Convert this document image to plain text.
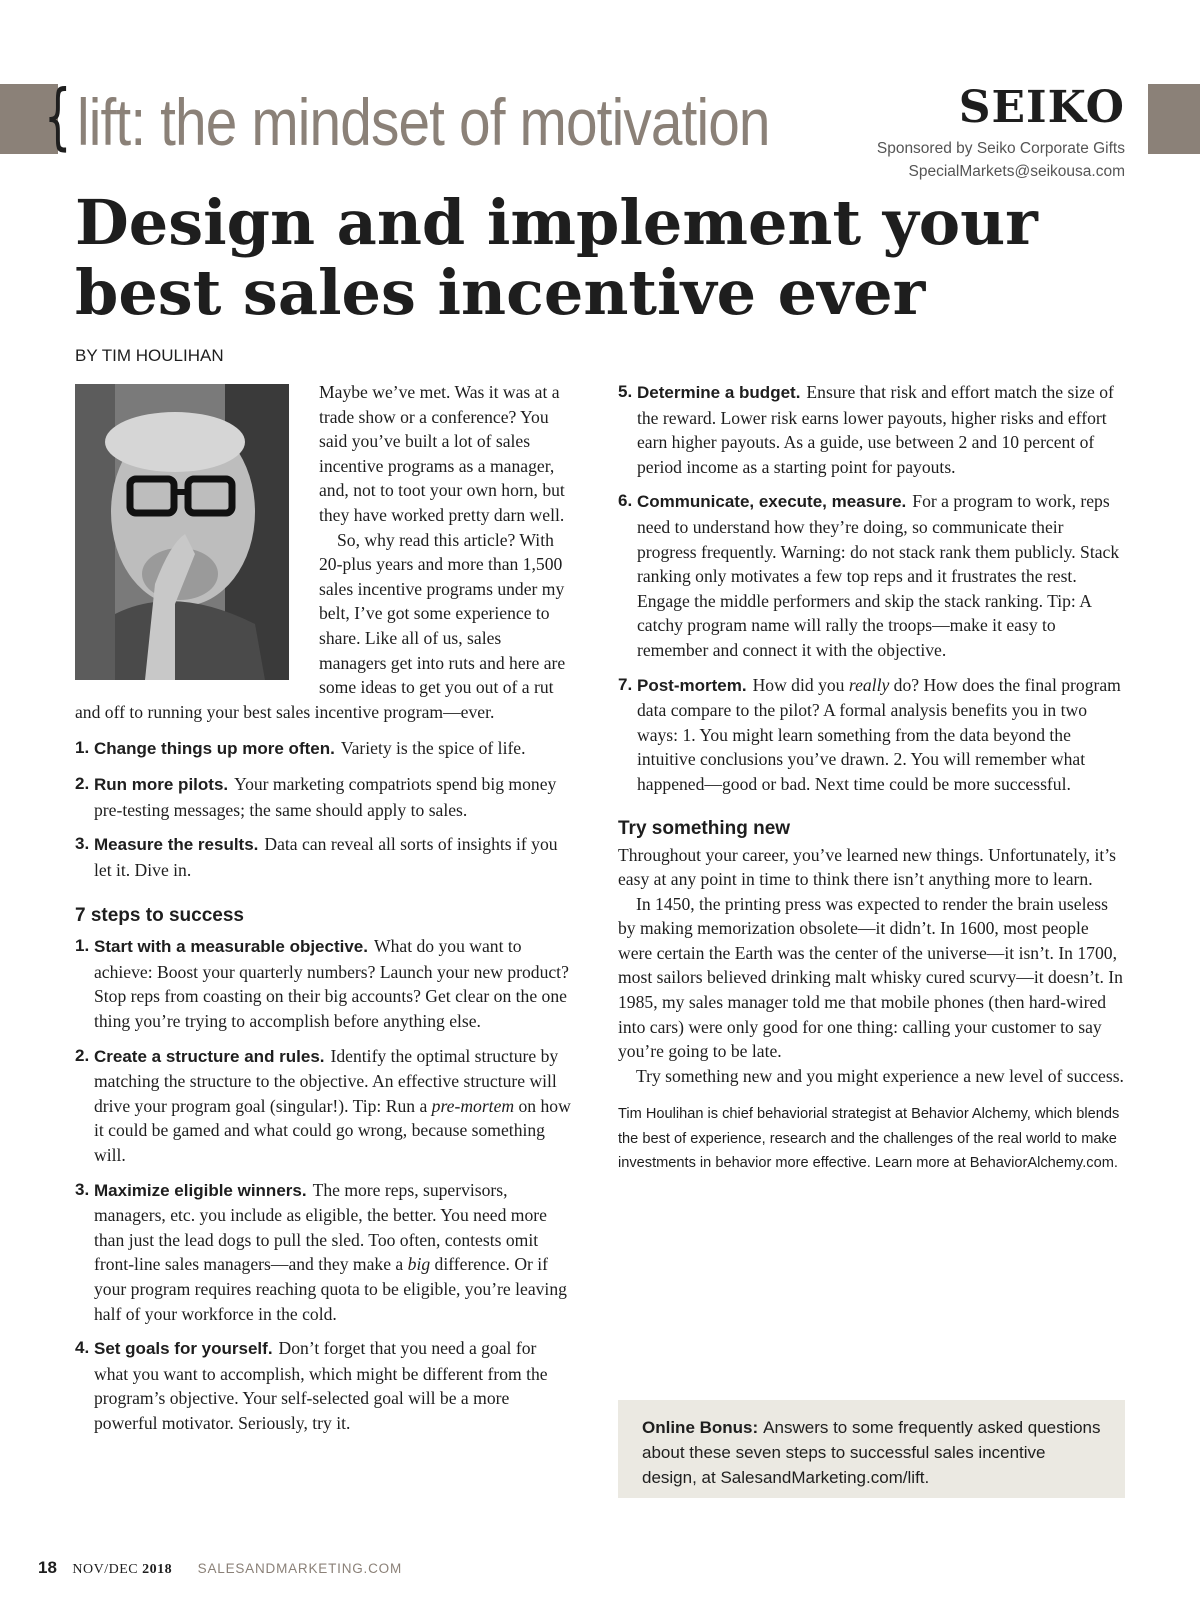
{ lift: the mindset of motivation	SEIKO
Sponsored by Seiko Corporate Gifts
SpecialMarkets@seikousa.com
Design and implement your best sales incentive ever
BY TIM HOULIHAN

Maybe we’ve met. Was it was at a trade show or a conference? You said you’ve built a lot of sales incentive programs as a manager, and, not to toot your own horn, but they have worked pretty darn well.

So, why read this article? With 20-plus years and more than 1,500 sales incentive programs under my belt, I’ve got some experience to share. Like all of us, sales managers get into ruts and here are some ideas to get you out of a rut and off to running your best sales incentive program—ever.

1. Change things up more often. Variety is the spice of life.
2. Run more pilots. Your marketing compatriots spend big money pre-testing messages; the same should apply to sales.
3. Measure the results. Data can reveal all sorts of insights if you let it. Dive in.
7 steps to success
1. Start with a measurable objective. What do you want to achieve: Boost your quarterly numbers? Launch your new product? Stop reps from coasting on their big accounts? Get clear on the one thing you’re trying to accomplish before anything else.
2. Create a structure and rules. Identify the optimal structure by matching the structure to the objective. An effective structure will drive your program goal (singular!). Tip: Run a pre-mortem on how it could be gamed and what could go wrong, because something will.
3. Maximize eligible winners. The more reps, supervisors, managers, etc. you include as eligible, the better. You need more than just the lead dogs to pull the sled. Too often, contests omit front-line sales managers—and they make a big difference. Or if your program requires reaching quota to be eligible, you’re leaving half of your workforce in the cold.
4. Set goals for yourself. Don’t forget that you need a goal for what you want to accomplish, which might be different from the program’s objective. Your self-selected goal will be a more powerful motivator. Seriously, try it.
5. Determine a budget. Ensure that risk and effort match the size of the reward. Lower risk earns lower payouts, higher risks and effort earn higher payouts. As a guide, use between 2 and 10 percent of period income as a starting point for payouts.
6. Communicate, execute, measure. For a program to work, reps need to understand how they’re doing, so communicate their progress frequently. Warning: do not stack rank them publicly. Stack ranking only motivates a few top reps and it frustrates the rest. Engage the middle performers and skip the stack ranking. Tip: A catchy program name will rally the troops—make it easy to remember and connect it with the objective.
7. Post-mortem. How did you really do? How does the final program data compare to the pilot? A formal analysis benefits you in two ways: 1. You might learn something from the data beyond the intuitive conclusions you’ve drawn. 2. You will remember what happened—good or bad. Next time could be more successful.
Try something new

Throughout your career, you’ve learned new things. Unfortunately, it’s easy at any point in time to think there isn’t anything more to learn.

In 1450, the printing press was expected to render the brain useless by making memorization obsolete—it didn’t. In 1600, most people were certain the Earth was the center of the universe—it isn’t. In 1700, most sailors believed drinking malt whisky cured scurvy—it doesn’t. In 1985, my sales manager told me that mobile phones (then hard-wired into cars) were only good for one thing: calling your customer to say you’re going to be late.

Try something new and you might experience a new level of success.

Tim Houlihan is chief behaviorial strategist at Behavior Alchemy, which blends the best of experience, research and the challenges of the real world to make investments in behavior more effective. Learn more at BehaviorAlchemy.com.

Online Bonus: Answers to some frequently asked questions about these seven steps to successful sales incentive design, at SalesandMarketing.com/lift.
18 NOV/DEC 2018 SALESANDMARKETING.COM
